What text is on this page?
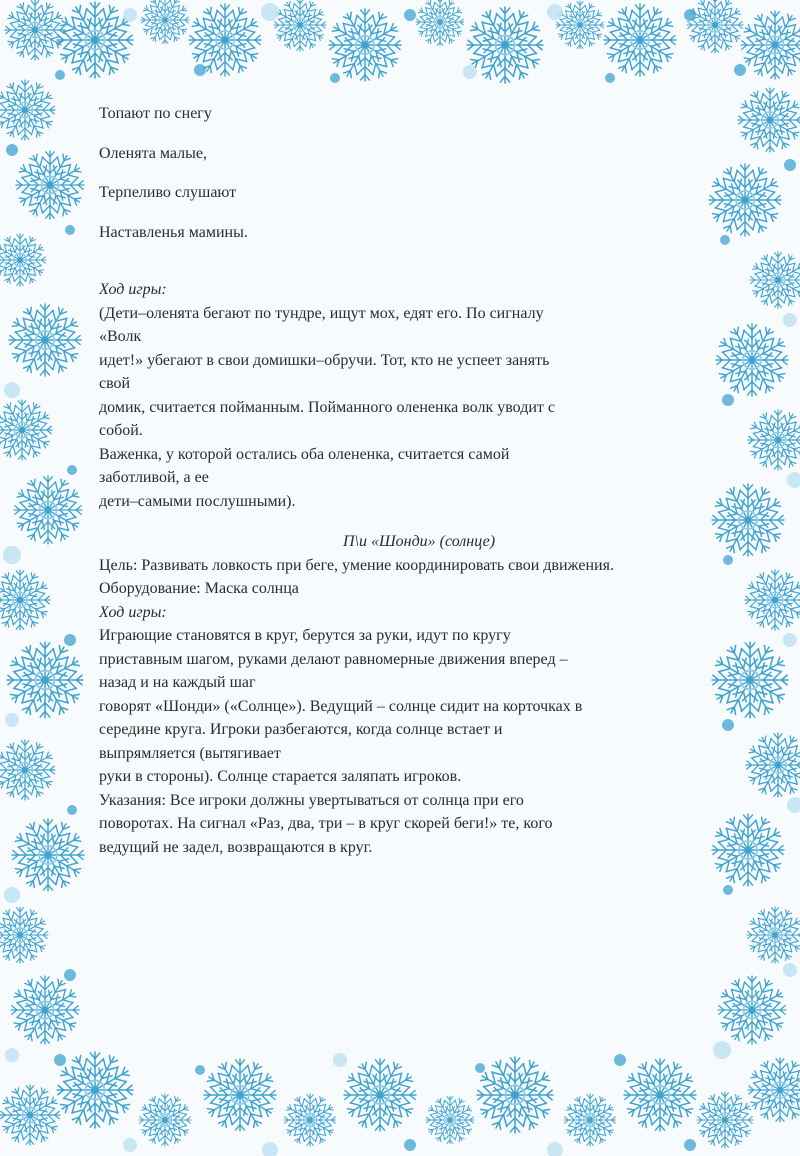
Топают по снегу

Оленята малые,

Терпеливо слушают

Наставленья мамины.

Ход игры:
(Дети–оленята бегают по тундре, ищут мох, едят его. По сигналу
«Волк
идет!» убегают в свои домишки–обручи. Тот, кто не успеет занять
свой
домик, считается пойманным. Пойманного олененка волк уводит с
собой.
Важенка, у которой остались оба олененка, считается самой
заботливой, а ее
дети–самыми послушными).
П\и «Шонди» (солнце)
Цель: Развивать ловкость при беге, умение координировать свои движения.
Оборудование: Маска солнца
Ход игры:
Играющие становятся в круг, берутся за руки, идут по кругу
приставным шагом, руками делают равномерные движения вперед –
назад и на каждый шаг
говорят «Шонди» («Солнце»). Ведущий – солнце сидит на корточках в
середине круга. Игроки разбегаются, когда солнце встает и
выпрямляется (вытягивает
руки в стороны). Солнце старается заляпать игроков.
Указания: Все игроки должны увертываться от солнца при его
поворотах. На сигнал «Раз, два, три – в круг скорей беги!» те, кого
ведущий не задел, возвращаются в круг.
